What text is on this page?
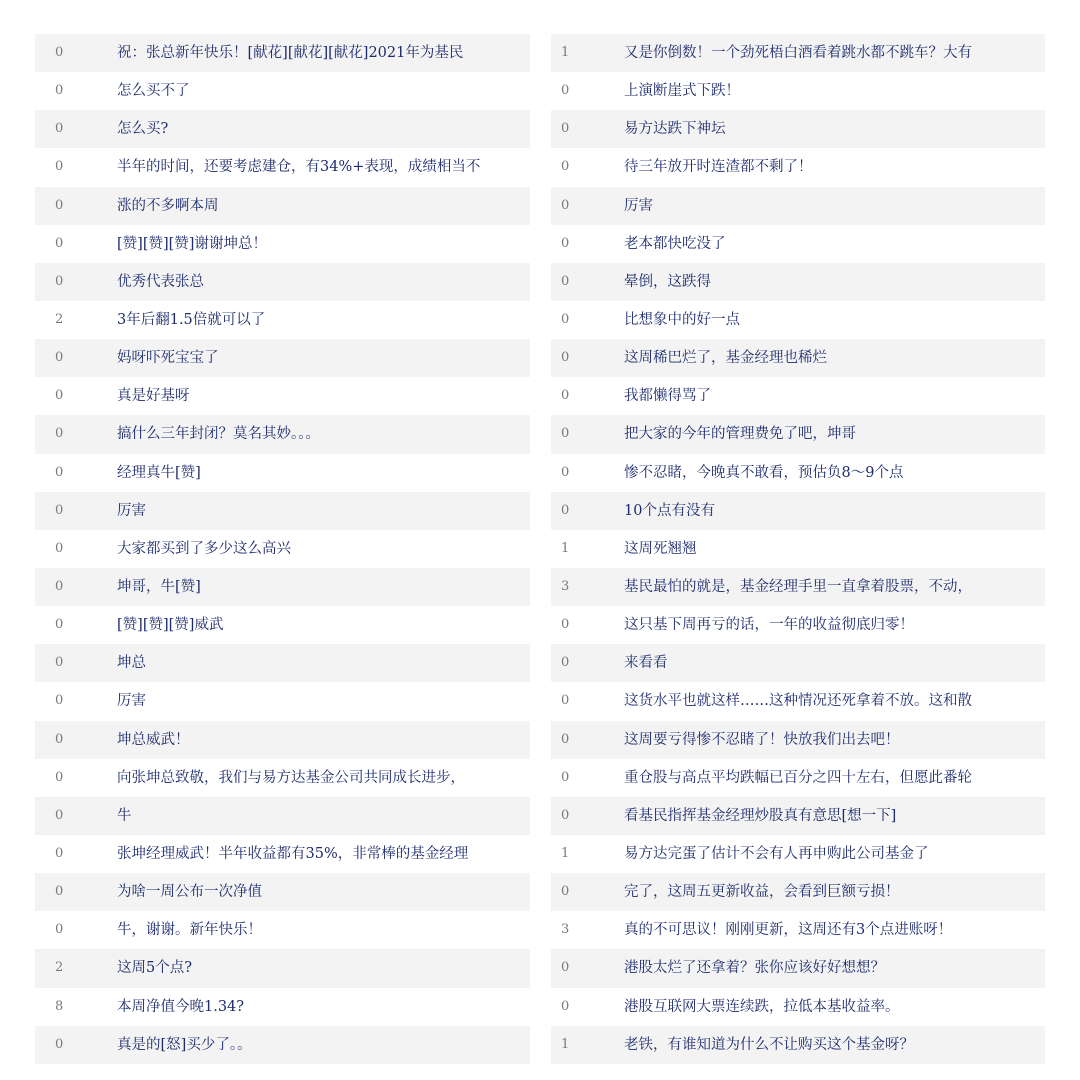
0	祝：张总新年快乐！[献花][献花][献花]2021年为基民
0	怎么买不了
0	怎么买?
0	半年的时间，还要考虑建仓，有34%+表现，成绩相当不
0	涨的不多啊本周
0	[赞][赞][赞]谢谢坤总！
0	优秀代表张总
2	3年后翻1.5倍就可以了
0	妈呀吓死宝宝了
0	真是好基呀
0	搞什么三年封闭？莫名其妙。。。
0	经理真牛[赞]
0	厉害
0	大家都买到了多少这么高兴
0	坤哥，牛[赞]
0	[赞][赞][赞]威武
0	坤总
0	厉害
0	坤总威武！
0	向张坤总致敬，我们与易方达基金公司共同成长进步，
0	牛
0	张坤经理威武！半年收益都有35%，非常棒的基金经理
0	为啥一周公布一次净值
0	牛，谢谢。新年快乐！
2	这周5个点?
8	本周净值今晚1.34?
0	真是的[怒]买少了。。
1	又是你倒数！一个劲死梧白酒看着跳水都不跳车？大有
0	上演断崖式下跌！
0	易方达跌下神坛
0	待三年放开时连渣都不剩了！
0	厉害
0	老本都快吃没了
0	晕倒，这跌得
0	比想象中的好一点
0	这周稀巴烂了，基金经理也稀烂
0	我都懒得骂了
0	把大家的今年的管理费免了吧，坤哥
0	惨不忍睹，今晚真不敢看，预估负8～9个点
0	10个点有没有
1	这周死翘翘
3	基民最怕的就是，基金经理手里一直拿着股票，不动，
0	这只基下周再亏的话，一年的收益彻底归零！
0	来看看
0	这货水平也就这样……这种情况还死拿着不放。这和散
0	这周要亏得惨不忍睹了！快放我们出去吧！
0	重仓股与高点平均跌幅已百分之四十左右，但愿此番轮
0	看基民指挥基金经理炒股真有意思[想一下]
1	易方达完蛋了估计不会有人再申购此公司基金了
0	完了，这周五更新收益，会看到巨额亏损！
3	真的不可思议！刚刚更新，这周还有3个点进账呀！
0	港股太烂了还拿着？张你应该好好想想？
0	港股互联网大票连续跌，拉低本基收益率。
1	老铁，有谁知道为什么不让购买这个基金呀？
